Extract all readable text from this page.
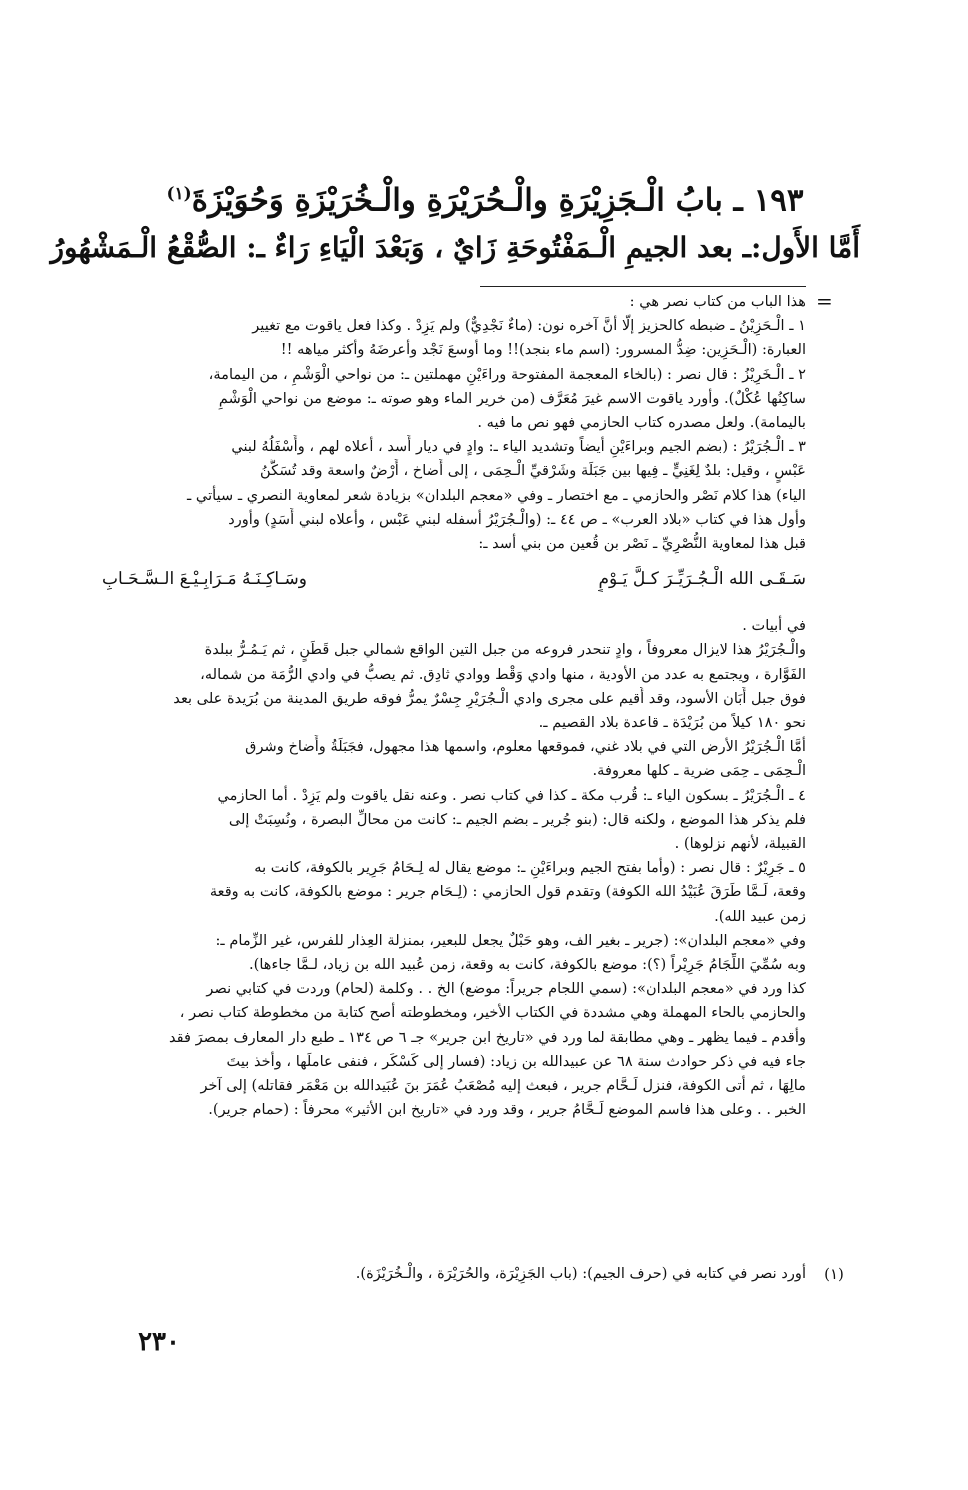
١٩٣ ـ بابُ الْـجَزِيْرَةِ والْـحُرَيْرَةِ والْـخُرَيْزَةِ وَحُوَيْزَةَ$^{(١)}$
أَمَّا الأَول:ـ بعد الجيمِ الْـمَفْتُوحَةِ زَايٌ ، وَبَعْدَ الْيَاءِ رَاءٌ ـ: الصُّقْعُ الْـمَشْهُورُ
=

هذا الباب من كتاب نصر هي :

١ ـ الْـحَزِيْنُ ـ ضبطه كالحزيز إلَّا أنَّ آخره نون: (ماءٌ نَجْدِيٌّ) ولم يَزِدْ . وكذا فعل ياقوت مع تغيير

العبارة: (الْـحَزِين: ضِدُّ المسرور: (اسم ماء بنجد)!! وما أوسعَ نَجْد وأعرضَهُ وأكثر مياهه !!

٢ ـ الْـخَرِيْزُ : قال نصر : (بالخاء المعجمة المفتوحة وراءَيْنِ مهملتين ـ: من نواحي الْوَشْمِ ، من اليمامة،

ساكِنُها عُكْلٌ). وأورد ياقوت الاسم غيرَ مُعَرَّف (من خرير الماء وهو صوته ـ: موضع من نواحي الْوَشْمِ

باليمامة). ولعل مصدره كتاب الحازمي فهو نص ما فيه .

٣ ـ الْـجُرَيْرُ : (بضم الجيم وبراءَيْنِ أيضاً وتشديد الياء ـ: وادٍ في ديار أَسد ، أعلاه لهم ، وأَسْفَلُهُ لبني

عَبْسٍ ، وقيل: بلدٌ لِغَنِيٍّ ـ فِيها بين جَبَلَة وشَرْقيِّ الْـحِمَى ، إلى أَضاخ ، أَرْضٌ واسعة وقد تُسَكَّنُ

الياء) هذا كلام نَصْر والحازمي ـ مع اختصار ـ وفي «معجم البلدان» بزيادة شعر لمعاوية النصري ـ سيأتي ـ

وأول هذا في كتاب «بلاد العرب» ـ ص ٤٤ ـ: (والْـجُرَيْرُ أسفله لبني عَبْس ، وأعلاه لبني أَسَدٍ) وأورد

قبل هذا لمعاوية النُّصْرِيِّ ـ نَصْر بن قُعين من بني أسد ـ:

سَـقَـى الله الْـجُـرَيِّـرَ كـلَّ يَـوْمٍ
وسَـاكِـنَـهُ مَـرَابِـيْـعَ الـسَّـحَـابِ

في أبيات .

والْـجُرَيْرُ هذا لايزال معروفاً ، وادٍ تنحدر فروعه من جبل التين الواقع شمالي جبل قَطَنٍ ، ثم يَـمُـرُّ ببلدة

الفَوَّارة ، ويجتمع به عدد من الأودية ، منها وادي وَقْط ووادي ثادِق. ثم يصبُّ في وادي الرُّمَة من شماله،

فوق جبل أَبَان الأسود، وقد أُقيم على مجرى وادي الْـجُرَيْرِ جِسْرٌ يمرُّ فوقه طريق المدينة من بُرَيدة على بعد

نحو ١٨٠ كيلاً من بُرَيْدَة ـ قاعدة بلاد القصيم ـ.

أمَّا الْـجُرَيْرُ الأرض التي في بلاد غني، فموقعها معلوم، واسمها هذا مجهول، فجَبَلَةُ وأَضاخ وشرق

الْـحِمَى ـ حِمَى ضرية ـ كلها معروفة.

٤ ـ الْـجُرَيْرُ ـ بسكون الياء ـ: قُرب مكة ـ كذا في كتاب نصر . وعنه نقل ياقوت ولم يَزِدْ . أما الحازمي

فلم يذكر هذا الموضع ، ولكنه قال: (بنو جُرير ـ بضم الجيم ـ: كانت من محالِّ البصرة ، ونُسِبَتْ إلى

القبيلة، لأنهم نزلوها) .

٥ ـ جَرِيْرٌ : قال نصر : (وأما بفتح الجيم وبراءَيْنِ ـ: موضع يقال له لِـحَامُ جَرِير بالكوفة، كانت به

وقعة، لَـمَّا طَرَقَ عُبَيْدُ الله الكوفة) وتقدم قول الحازمي : (لِـحَام جرير : موضع بالكوفة، كانت به وقعة

زمن عبيد الله).

وفي «معجم البلدان»: (جرير ـ بغير الف، وهو حَبْلٌ يجعل للبعير، بمنزلة العِذار للفرس، غير الزِّمام ـ:

وبه سُمِّيَ اللِّجَامُ جَرِيْراً (؟): موضع بالكوفة، كانت به وقعة، زمن عُبيد الله بن زياد، لـمَّا جاءها).

كذا ورد في «معجم البلدان»: (سمي اللجام جريراً: موضع) الخ . . وكلمة (لحام) وردت في كتابي نصر

والحازمي بالحاء المهملة وهي مشددة في الكتاب الأخير، ومخطوطته أصح كتابة من مخطوطة كتاب نصر ،

وأقدم ـ فيما يظهر ـ وهي مطابقة لما ورد في «تاريخ ابن جرير» جـ ٦ ص ١٣٤ ـ طبع دار المعارف بمصرَ فقد

جاء فيه في ذكر حوادث سنة ٦٨ عن عبيدالله بن زياد: (فسار إلى كَسْكَر ، فنفى عاملَها ، وأخذ بيتَ

مالِهَا ، ثم أتى الكوفة، فنزل لَـحَّام جرير ، فبعث إليه مُصْعَبُ عُمَرَ بنَ عُبَيدالله بن مَعْمَر فقاتله) إلى آخر

الخبر . . وعلى هذا فاسم الموضع لَـحَّامُ جرير ، وقد ورد في «تاريخ ابن الأثير» محرفاً : (حمام جرير).

(١)
أورد نصر في كتابه في (حرف الجيم): (باب الجَزِيْرَة، والحُرَيْرَة ، والْـخُرَيْزَة).
٢٣٠
